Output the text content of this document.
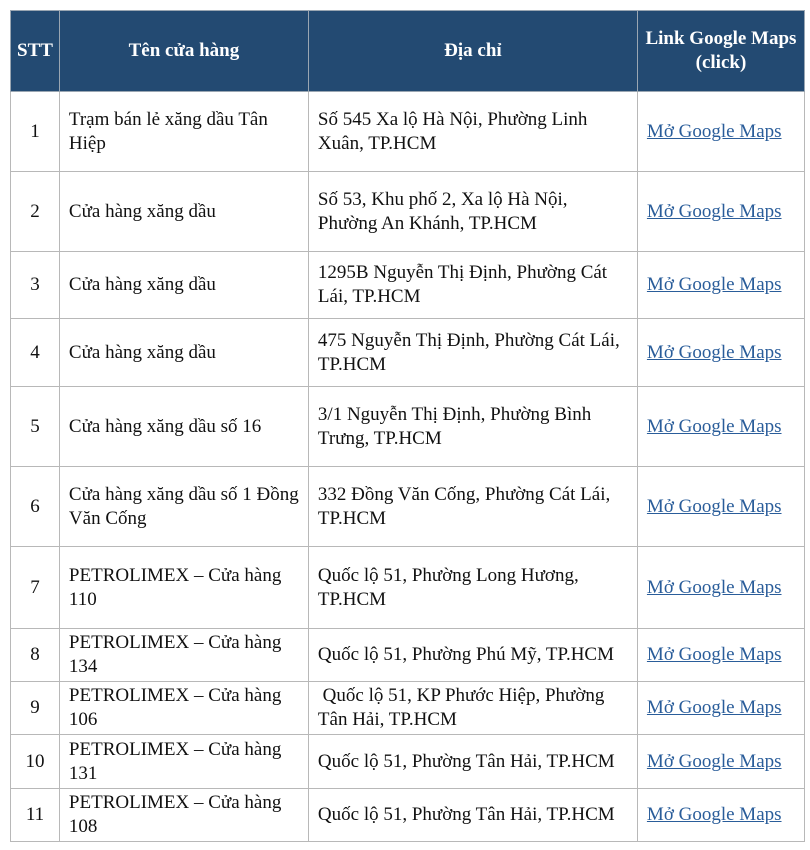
STT	Tên cửa hàng	Địa chỉ	Link Google Maps (click)
1	Trạm bán lẻ xăng dầu Tân Hiệp	Số 545 Xa lộ Hà Nội, Phường Linh Xuân, TP.HCM	Mở Google Maps
2	Cửa hàng xăng dầu	Số 53, Khu phố 2, Xa lộ Hà Nội, Phường An Khánh, TP.HCM	Mở Google Maps
3	Cửa hàng xăng dầu	1295B Nguyễn Thị Định, Phường Cát Lái, TP.HCM	Mở Google Maps
4	Cửa hàng xăng dầu	475 Nguyễn Thị Định, Phường Cát Lái, TP.HCM	Mở Google Maps
5	Cửa hàng xăng dầu số 16	3/1 Nguyễn Thị Định, Phường Bình Trưng, TP.HCM	Mở Google Maps
6	Cửa hàng xăng dầu số 1 Đồng Văn Cống	332 Đồng Văn Cống, Phường Cát Lái, TP.HCM	Mở Google Maps
7	PETROLIMEX – Cửa hàng 110	Quốc lộ 51, Phường Long Hương, TP.HCM	Mở Google Maps
8	PETROLIMEX – Cửa hàng 134	Quốc lộ 51, Phường Phú Mỹ, TP.HCM	Mở Google Maps
9	PETROLIMEX – Cửa hàng 106	Quốc lộ 51, KP Phước Hiệp, Phường Tân Hải, TP.HCM	Mở Google Maps
10	PETROLIMEX – Cửa hàng 131	Quốc lộ 51, Phường Tân Hải, TP.HCM	Mở Google Maps
11	PETROLIMEX – Cửa hàng 108	Quốc lộ 51, Phường Tân Hải, TP.HCM	Mở Google Maps
